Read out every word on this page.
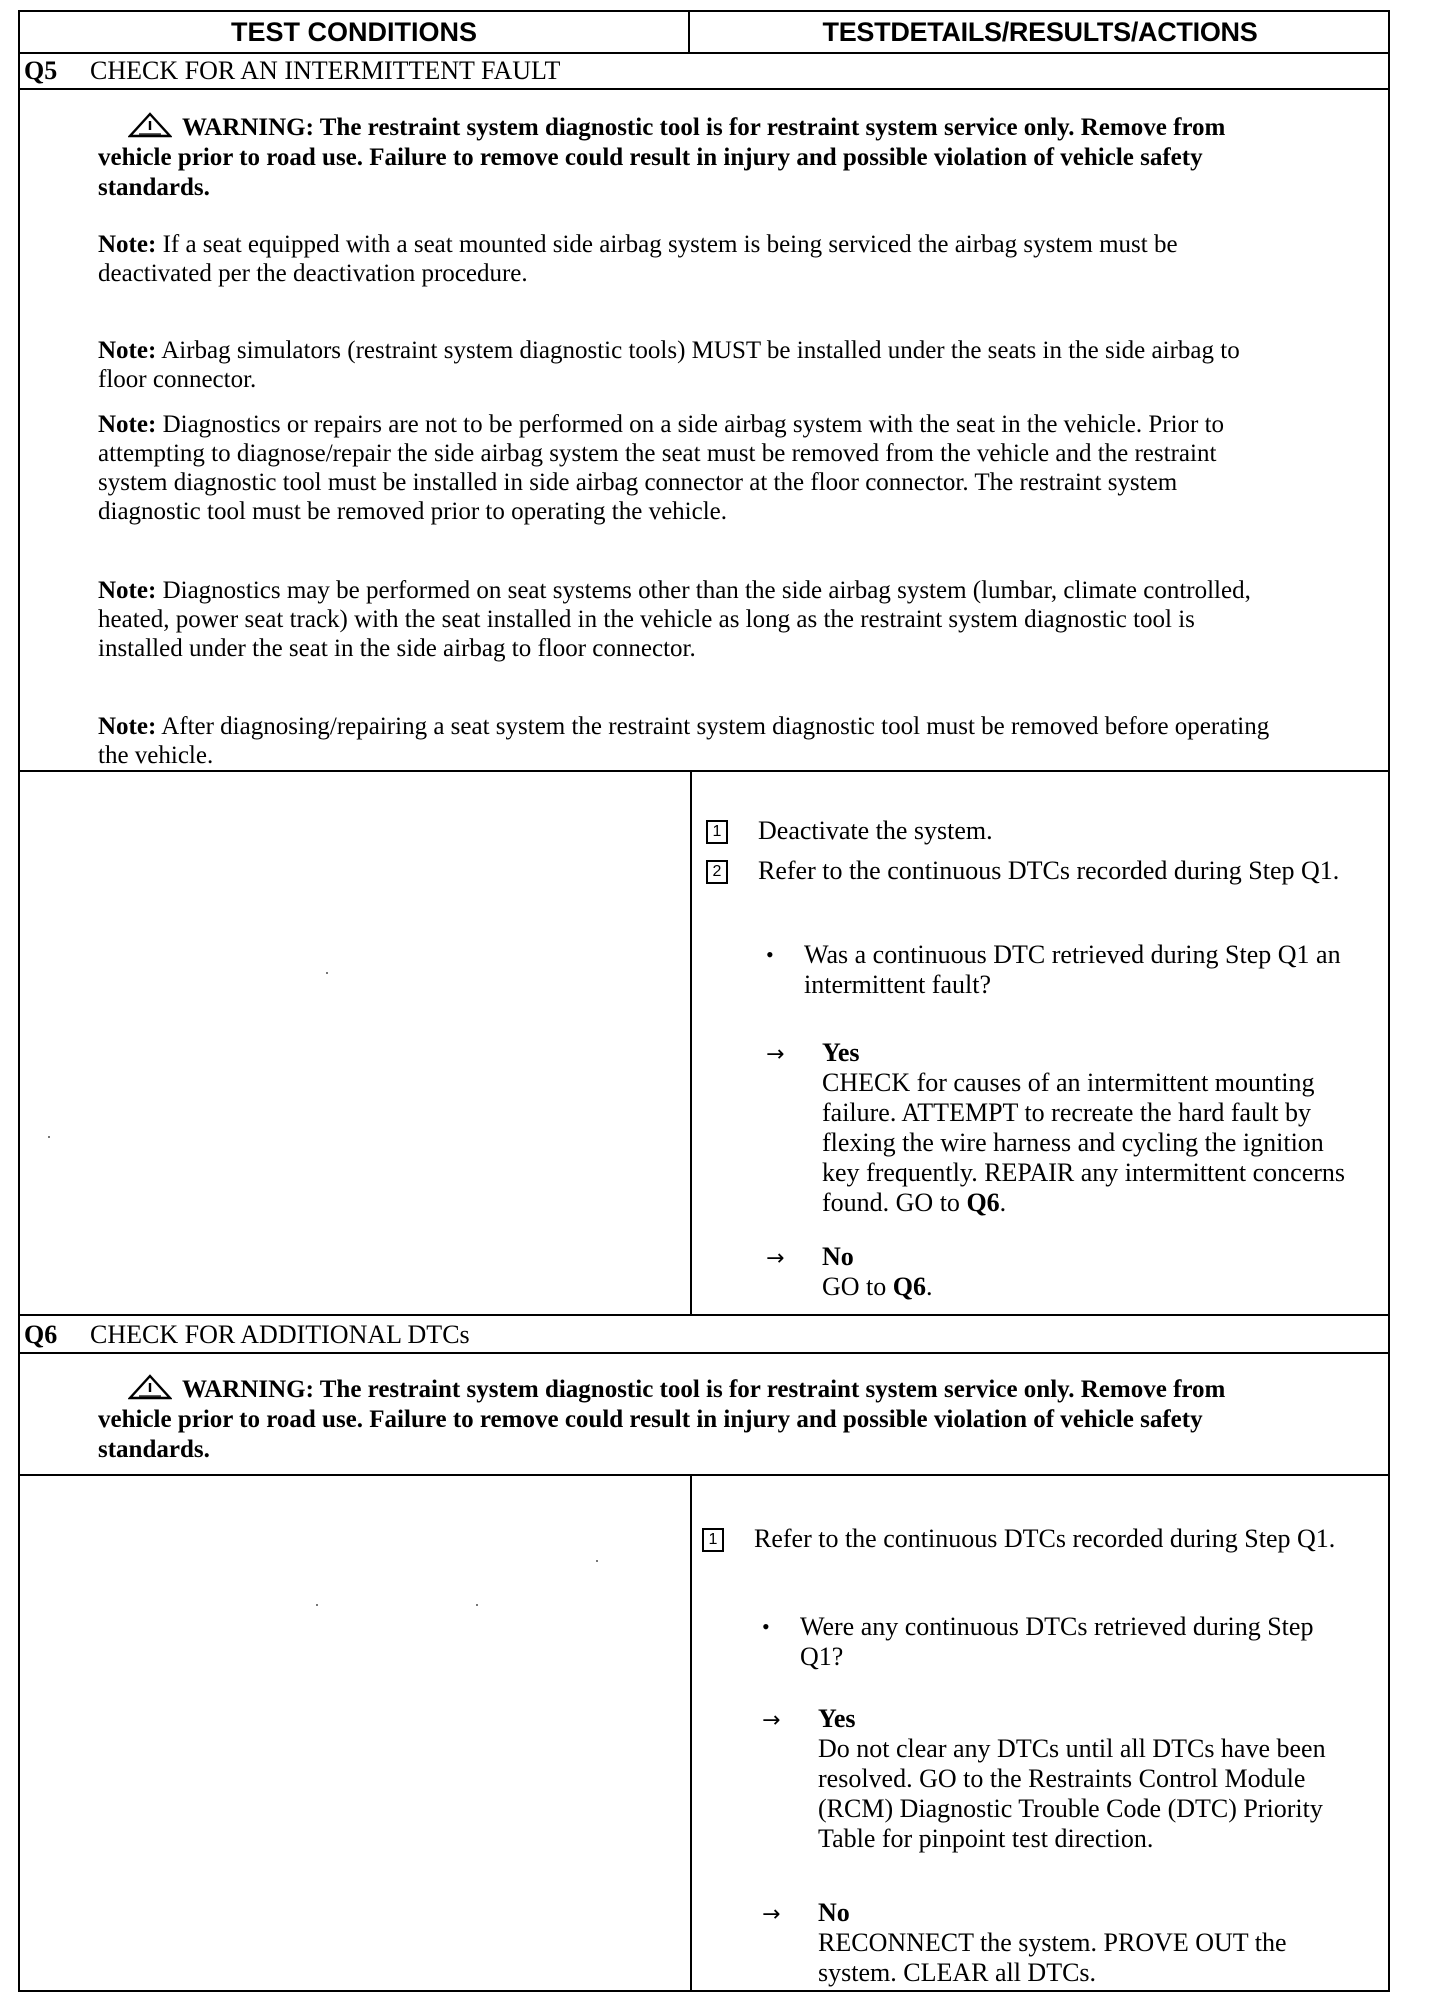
TEST CONDITIONS	TESTDETAILS/RESULTS/ACTIONS
Q5 CHECK FOR AN INTERMITTENT FAULT
WARNING: The restraint system diagnostic tool is for restraint system service only. Remove from vehicle prior to road use. Failure to remove could result in injury and possible violation of vehicle safety standards.
Note: If a seat equipped with a seat mounted side airbag system is being serviced the airbag system must be deactivated per the deactivation procedure.
Note: Airbag simulators (restraint system diagnostic tools) MUST be installed under the seats in the side airbag to floor connector.
Note: Diagnostics or repairs are not to be performed on a side airbag system with the seat in the vehicle. Prior to attempting to diagnose/repair the side airbag system the seat must be removed from the vehicle and the restraint system diagnostic tool must be installed in side airbag connector at the floor connector. The restraint system diagnostic tool must be removed prior to operating the vehicle.
Note: Diagnostics may be performed on seat systems other than the side airbag system (lumbar, climate controlled, heated, power seat track) with the seat installed in the vehicle as long as the restraint system diagnostic tool is installed under the seat in the side airbag to floor connector.
Note: After diagnosing/repairing a seat system the restraint system diagnostic tool must be removed before operating the vehicle.
1 Deactivate the system.
2 Refer to the continuous DTCs recorded during Step Q1.
• Was a continuous DTC retrieved during Step Q1 an intermittent fault?
→ Yes
CHECK for causes of an intermittent mounting failure. ATTEMPT to recreate the hard fault by flexing the wire harness and cycling the ignition key frequently. REPAIR any intermittent concerns found. GO to Q6.
→ No
GO to Q6.
Q6 CHECK FOR ADDITIONAL DTCs
WARNING: The restraint system diagnostic tool is for restraint system service only. Remove from vehicle prior to road use. Failure to remove could result in injury and possible violation of vehicle safety standards.
1 Refer to the continuous DTCs recorded during Step Q1.
• Were any continuous DTCs retrieved during Step Q1?
→ Yes
Do not clear any DTCs until all DTCs have been resolved. GO to the Restraints Control Module (RCM) Diagnostic Trouble Code (DTC) Priority Table for pinpoint test direction.
→ No
RECONNECT the system. PROVE OUT the system. CLEAR all DTCs.
